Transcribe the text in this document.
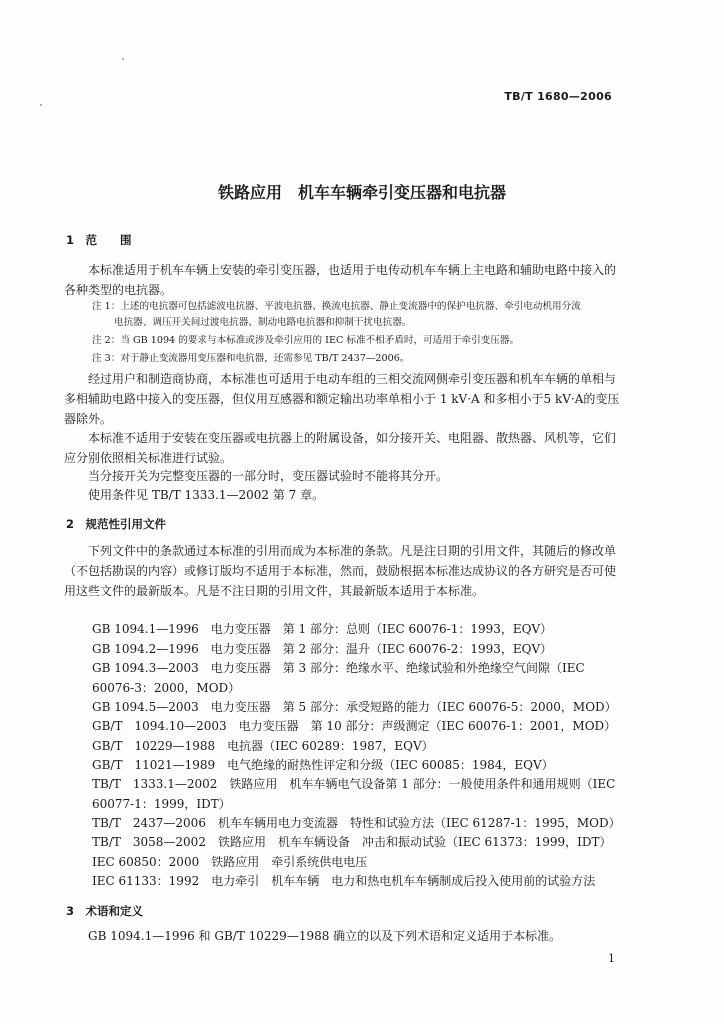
TB/T 1680—2006
铁路应用　机车车辆牵引变压器和电抗器
1　范　　围

本标准适用于机车车辆上安装的牵引变压器，也适用于电传动机车车辆上主电路和辅助电路中接入的各种类型的电抗器。

注 1：上述的电抗器可包括滤波电抗器、平波电抗器、换流电抗器、静止变流器中的保护电抗器、牵引电动机用分流
电抗器、调压开关间过渡电抗器、制动电路电抗器和抑制干扰电抗器。

注 2：当 GB 1094 的要求与本标准或涉及牵引应用的 IEC 标准不相矛盾时，可适用于牵引变压器。

注 3：对于静止变流器用变压器和电抗器，还需参见 TB/T 2437—2006。

经过用户和制造商协商，本标准也可适用于电动车组的三相交流网侧牵引变压器和机车车辆的单相与多相辅助电路中接入的变压器，但仪用互感器和额定输出功率单相小于 1 kV·A 和多相小于5 kV·A的变压器除外。

本标准不适用于安装在变压器或电抗器上的附属设备，如分接开关、电阻器、散热器、风机等，它们应分别依照相关标准进行试验。

当分接开关为完整变压器的一部分时，变压器试验时不能将其分开。

使用条件见 TB/T 1333.1—2002 第 7 章。

2　规范性引用文件

下列文件中的条款通过本标准的引用而成为本标准的条款。凡是注日期的引用文件，其随后的修改单（不包括勘误的内容）或修订版均不适用于本标准，然而，鼓励根据本标准达成协议的各方研究是否可使用这些文件的最新版本。凡是不注日期的引用文件，其最新版本适用于本标准。

GB 1094.1—1996　电力变压器　第 1 部分：总则（IEC 60076-1：1993，EQV）

GB 1094.2—1996　电力变压器　第 2 部分：温升（IEC 60076-2：1993，EQV）

GB 1094.3—2003　电力变压器　第 3 部分：绝缘水平、绝缘试验和外绝缘空气间隙（IEC 60076-3：2000，MOD）

GB 1094.5—2003　电力变压器　第 5 部分：承受短路的能力（IEC 60076-5：2000，MOD）

GB/T　1094.10—2003　电力变压器　第 10 部分：声级测定（IEC 60076-1：2001，MOD）

GB/T　10229—1988　电抗器（IEC 60289：1987，EQV）

GB/T　11021—1989　电气绝缘的耐热性评定和分级（IEC 60085：1984，EQV）

TB/T　1333.1—2002　铁路应用　机车车辆电气设备第 1 部分：一般使用条件和通用规则（IEC 60077-1：1999，IDT）

TB/T　2437—2006　机车车辆用电力变流器　特性和试验方法（IEC 61287-1：1995，MOD）

TB/T　3058—2002　铁路应用　机车车辆设备　冲击和振动试验（IEC 61373：1999，IDT）

IEC 60850：2000　铁路应用　牵引系统供电电压

IEC 61133：1992　电力牵引　机车车辆　电力和热电机车车辆制成后投入使用前的试验方法

3　术语和定义

GB 1094.1—1996 和 GB/T 10229—1988 确立的以及下列术语和定义适用于本标准。

1
